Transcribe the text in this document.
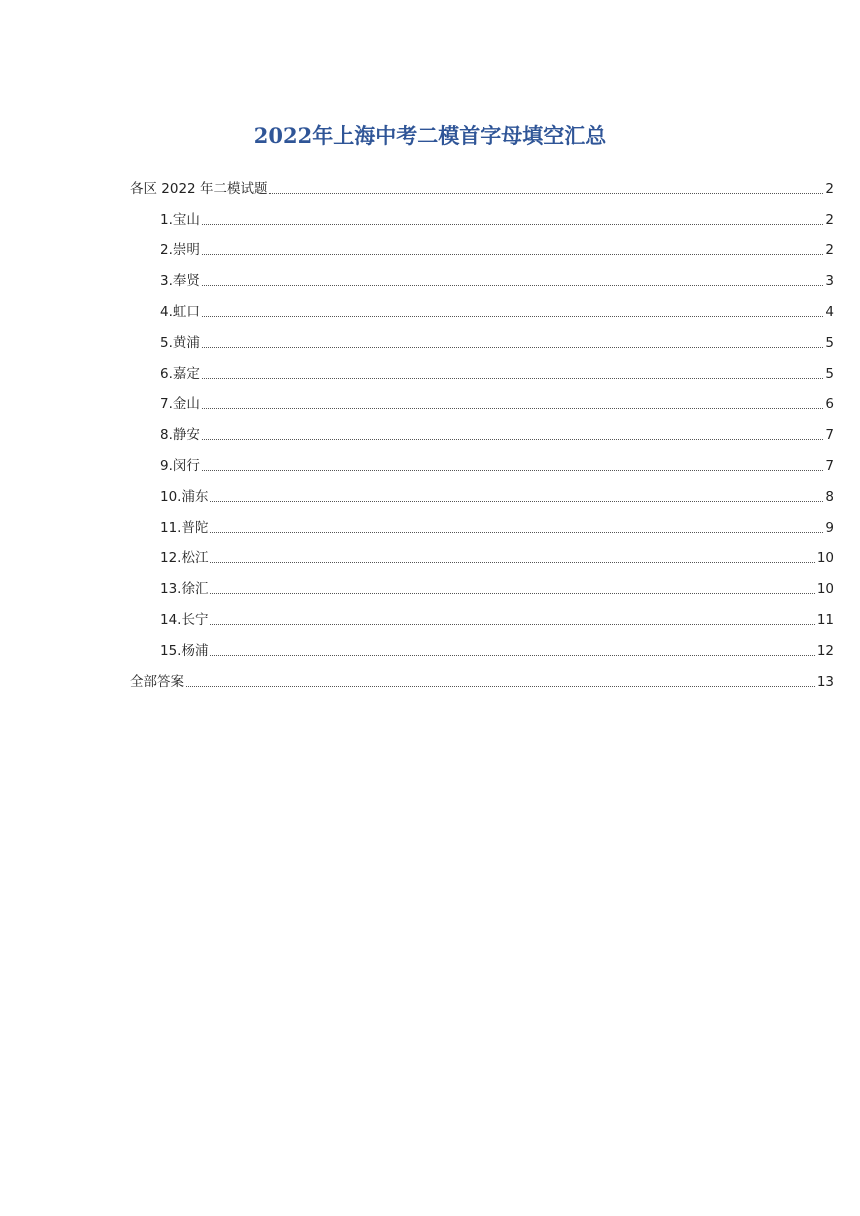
2022年上海中考二模首字母填空汇总
各区 2022 年二模试题	2
1.宝山	2
2.崇明	2
3.奉贤	3
4.虹口	4
5.黄浦	5
6.嘉定	5
7.金山	6
8.静安	7
9.闵行	7
10.浦东	8
11.普陀	9
12.松江	10
13.徐汇	10
14.长宁	11
15.杨浦	12
全部答案	13
